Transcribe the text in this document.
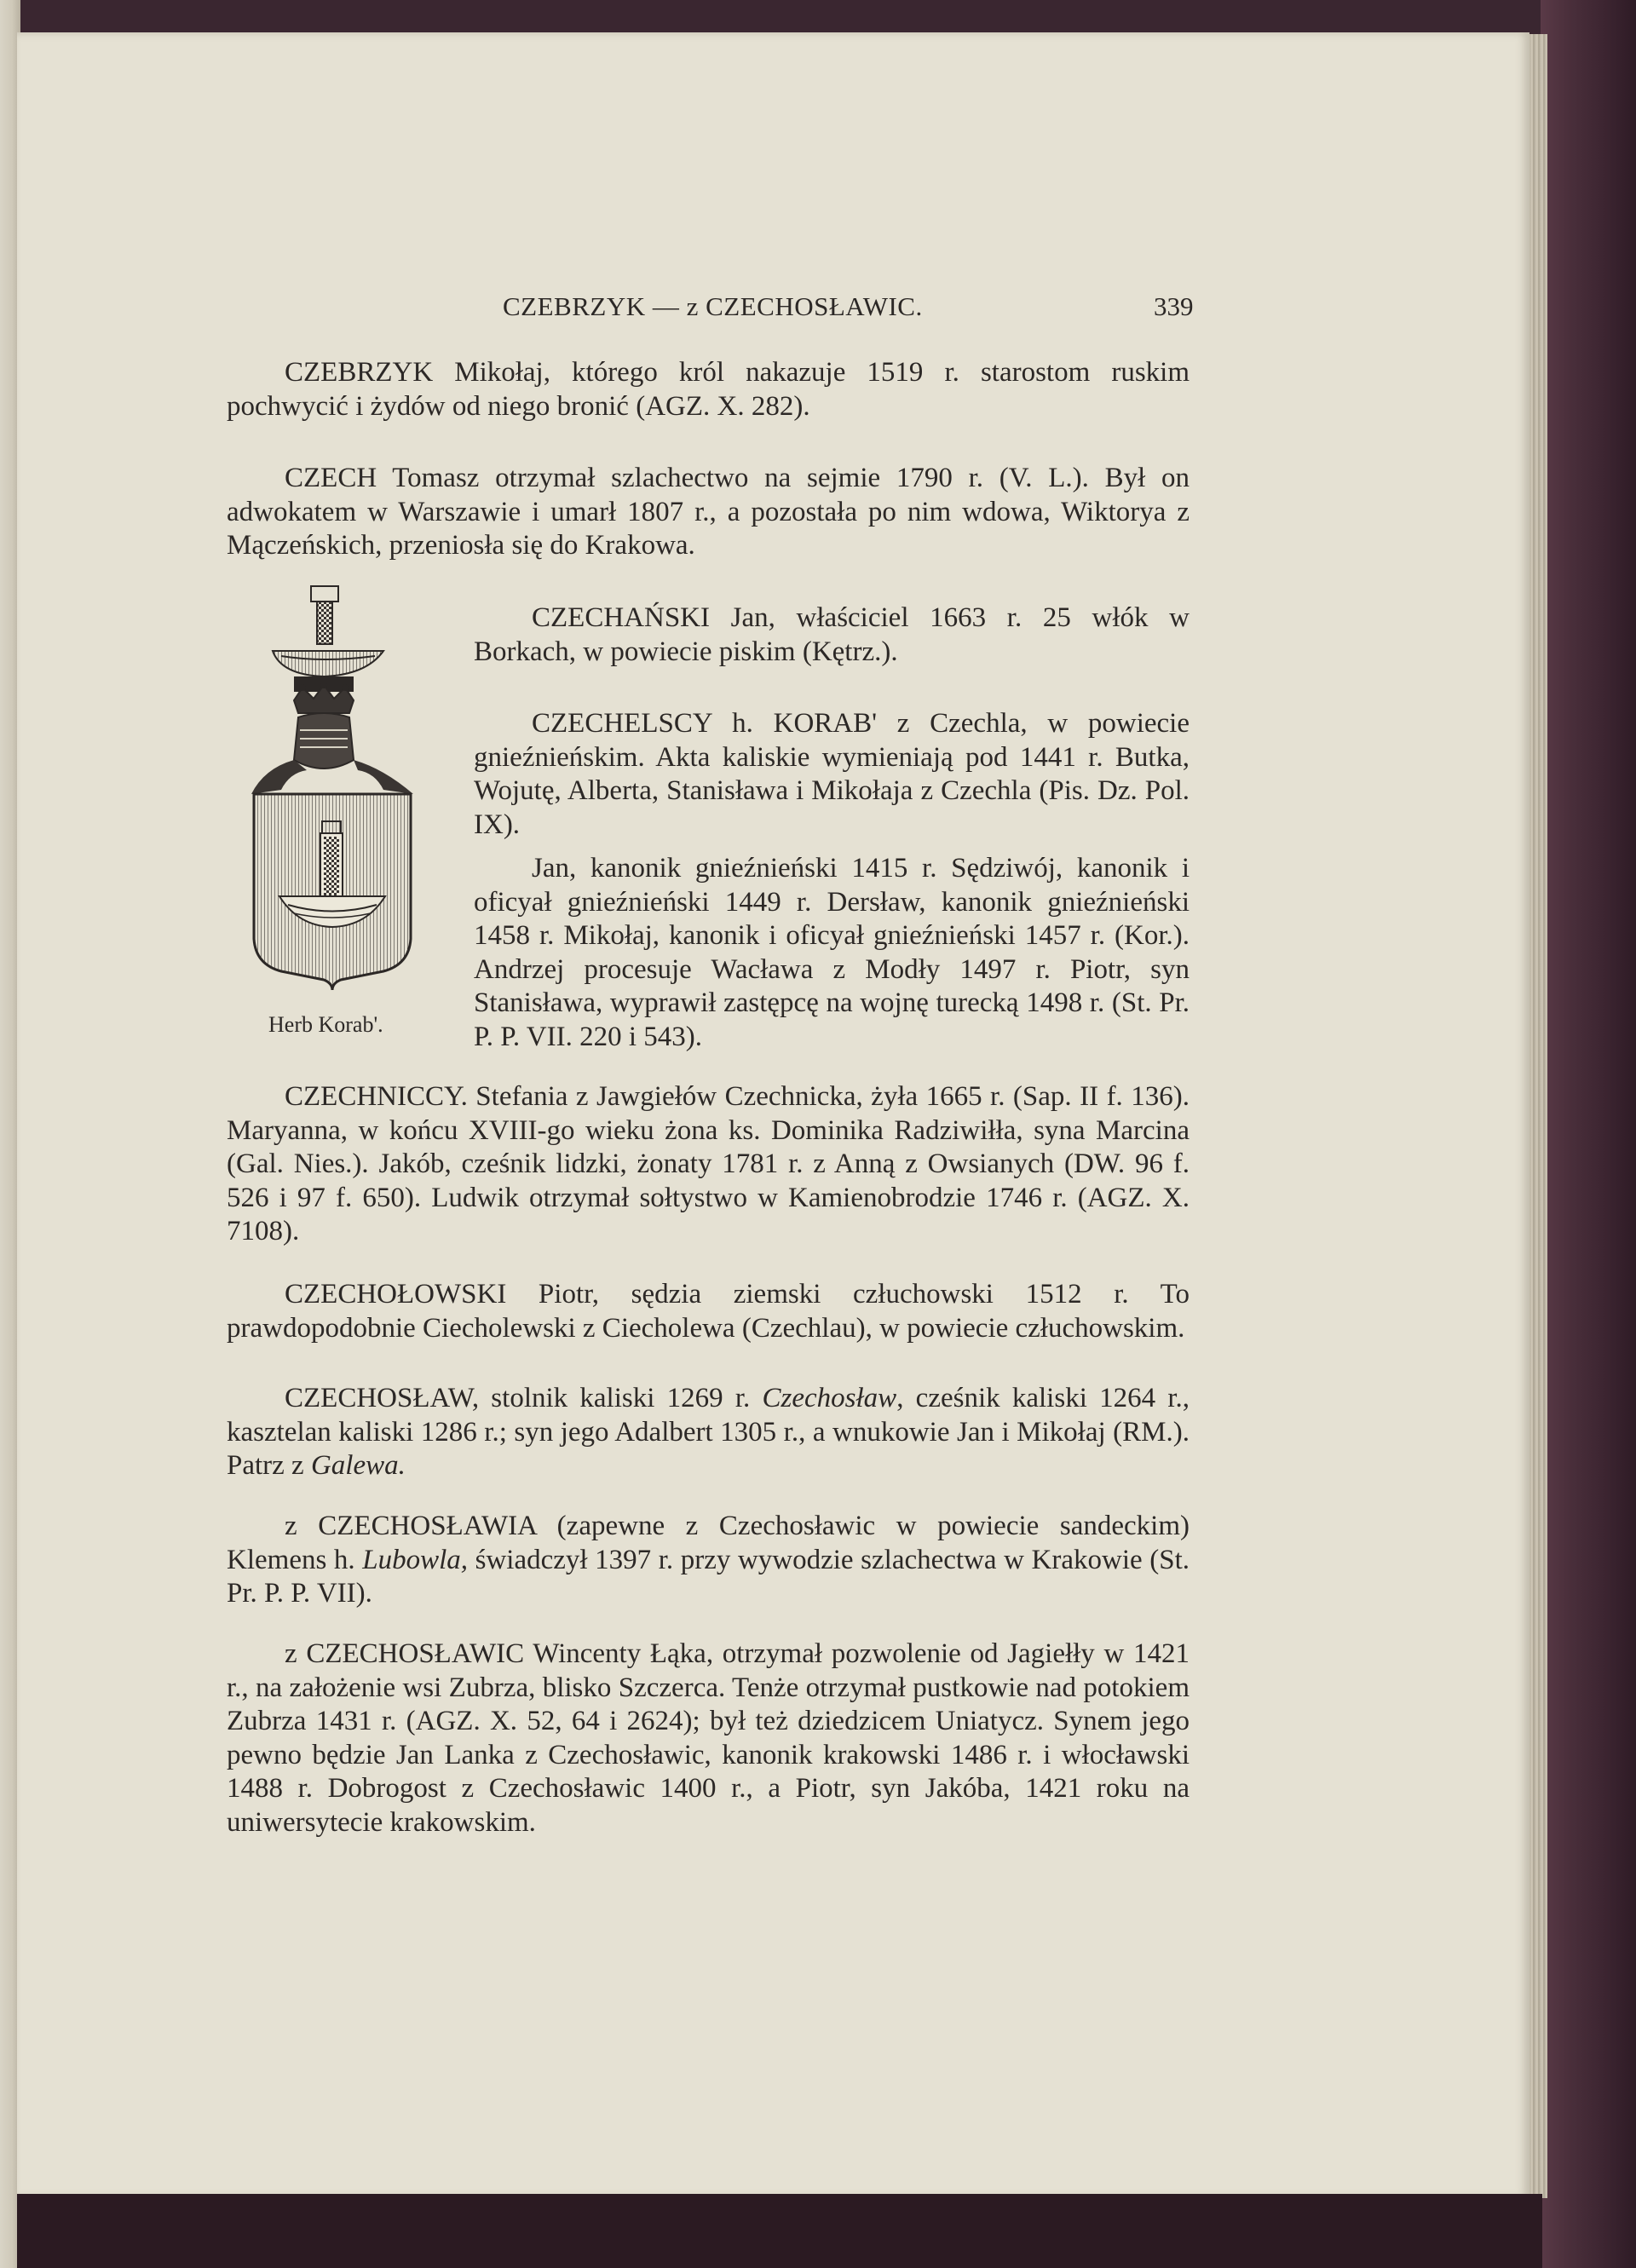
CZEBRZYK — z CZECHOSŁAWIC.	339

CZEBRZYK Mikołaj, którego król nakazuje 1519 r. starostom ruskim pochwycić i żydów od niego bronić (AGZ. X. 282).

CZECH Tomasz otrzymał szlachectwo na sejmie 1790 r. (V. L.). Był on adwokatem w Warszawie i umarł 1807 r., a pozostała po nim wdowa, Wiktorya z Mączeńskich, przeniosła się do Krakowa.

Herb Korab'.

CZECHAŃSKI Jan, właściciel 1663 r. 25 włók w Borkach, w powiecie piskim (Kętrz.).

CZECHELSCY h. KORAB' z Czechla, w powiecie gnieźnieńskim. Akta kaliskie wymieniają pod 1441 r. Butka, Wojutę, Alberta, Stanisława i Mikołaja z Czechla (Pis. Dz. Pol. IX).

Jan, kanonik gnieźnieński 1415 r. Sędziwój, kanonik i oficyał gnieźnieński 1449 r. Dersław, kanonik gnieźnieński 1458 r. Mikołaj, kanonik i oficyał gnieźnieński 1457 r. (Kor.). Andrzej procesuje Wacława z Modły 1497 r. Piotr, syn Stanisława, wyprawił zastępcę na wojnę turecką 1498 r. (St. Pr. P. P. VII. 220 i 543).

CZECHNICCY. Stefania z Jawgiełów Czechnicka, żyła 1665 r. (Sap. II f. 136). Maryanna, w końcu XVIII-go wieku żona ks. Dominika Radziwiłła, syna Marcina (Gal. Nies.). Jakób, cześnik lidzki, żonaty 1781 r. z Anną z Owsianych (DW. 96 f. 526 i 97 f. 650). Ludwik otrzymał sołtystwo w Kamienobrodzie 1746 r. (AGZ. X. 7108).

CZECHOŁOWSKI Piotr, sędzia ziemski człuchowski 1512 r. To prawdopodobnie Ciecholewski z Ciecholewa (Czechlau), w powiecie człuchowskim.

CZECHOSŁAW, stolnik kaliski 1269 r. Czechosław, cześnik kaliski 1264 r., kasztelan kaliski 1286 r.; syn jego Adalbert 1305 r., a wnukowie Jan i Mikołaj (RM.). Patrz z Galewa.

z CZECHOSŁAWIA (zapewne z Czechosławic w powiecie sandeckim) Klemens h. Lubowla, świadczył 1397 r. przy wywodzie szlachectwa w Krakowie (St. Pr. P. P. VII).

z CZECHOSŁAWIC Wincenty Łąka, otrzymał pozwolenie od Jagiełły w 1421 r., na założenie wsi Zubrza, blisko Szczerca. Tenże otrzymał pustkowie nad potokiem Zubrza 1431 r. (AGZ. X. 52, 64 i 2624); był też dziedzicem Uniatycz. Synem jego pewno będzie Jan Lanka z Czechosławic, kanonik krakowski 1486 r. i włocławski 1488 r. Dobrogost z Czechosławic 1400 r., a Piotr, syn Jakóba, 1421 roku na uniwersytecie krakowskim.
